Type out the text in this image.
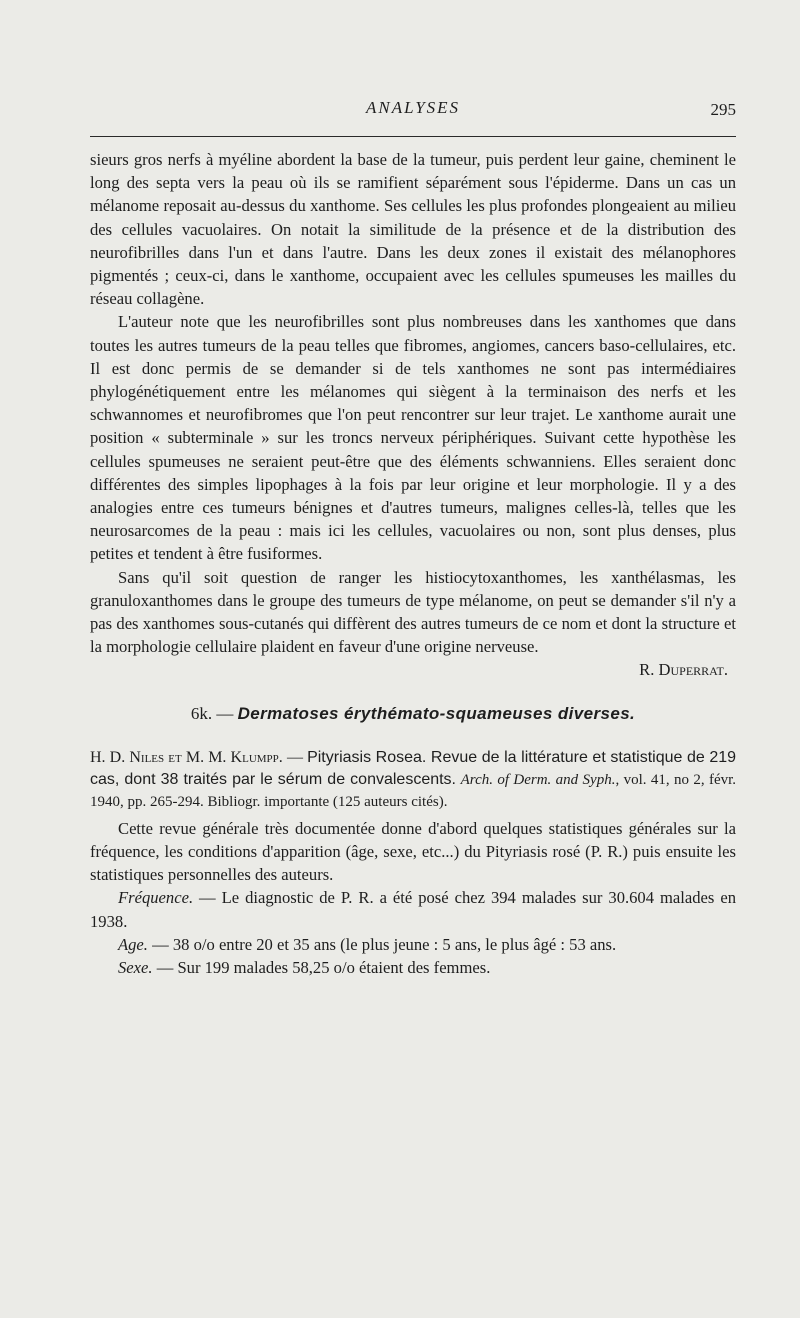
ANALYSES	295

sieurs gros nerfs à myéline abordent la base de la tumeur, puis perdent leur gaine, cheminent le long des septa vers la peau où ils se ramifient séparément sous l'épiderme. Dans un cas un mélanome reposait au-dessus du xanthome. Ses cellules les plus profondes plongeaient au milieu des cellules vacuolaires. On notait la similitude de la présence et de la distribution des neurofibrilles dans l'un et dans l'autre. Dans les deux zones il existait des mélanophores pigmentés ; ceux-ci, dans le xanthome, occupaient avec les cellules spumeuses les mailles du réseau collagène.

L'auteur note que les neurofibrilles sont plus nombreuses dans les xanthomes que dans toutes les autres tumeurs de la peau telles que fibromes, angiomes, cancers baso-cellulaires, etc. Il est donc permis de se demander si de tels xanthomes ne sont pas intermédiaires phylogénétiquement entre les mélanomes qui siègent à la terminaison des nerfs et les schwannomes et neurofibromes que l'on peut rencontrer sur leur trajet. Le xanthome aurait une position « subterminale » sur les troncs nerveux périphériques. Suivant cette hypothèse les cellules spumeuses ne seraient peut-être que des éléments schwanniens. Elles seraient donc différentes des simples lipophages à la fois par leur origine et leur morphologie. Il y a des analogies entre ces tumeurs bénignes et d'autres tumeurs, malignes celles-là, telles que les neurosarcomes de la peau : mais ici les cellules, vacuolaires ou non, sont plus denses, plus petites et tendent à être fusiformes.

Sans qu'il soit question de ranger les histiocytoxanthomes, les xanthélasmas, les granuloxanthomes dans le groupe des tumeurs de type mélanome, on peut se demander s'il n'y a pas des xanthomes sous-cutanés qui diffèrent des autres tumeurs de ce nom et dont la structure et la morphologie cellulaire plaident en faveur d'une origine nerveuse.

R. Duperrat.

6k. — Dermatoses érythémato-squameuses diverses.

H. D. Niles et M. M. Klumpp. — Pityriasis Rosea. Revue de la littérature et statistique de 219 cas, dont 38 traités par le sérum de convalescents. Arch. of Derm. and Syph., vol. 41, no 2, févr. 1940, pp. 265-294. Bibliogr. importante (125 auteurs cités).

Cette revue générale très documentée donne d'abord quelques statistiques générales sur la fréquence, les conditions d'apparition (âge, sexe, etc...) du Pityriasis rosé (P. R.) puis ensuite les statistiques personnelles des auteurs.

Fréquence. — Le diagnostic de P. R. a été posé chez 394 malades sur 30.604 malades en 1938.

Age. — 38 o/o entre 20 et 35 ans (le plus jeune : 5 ans, le plus âgé : 53 ans.

Sexe. — Sur 199 malades 58,25 o/o étaient des femmes.
